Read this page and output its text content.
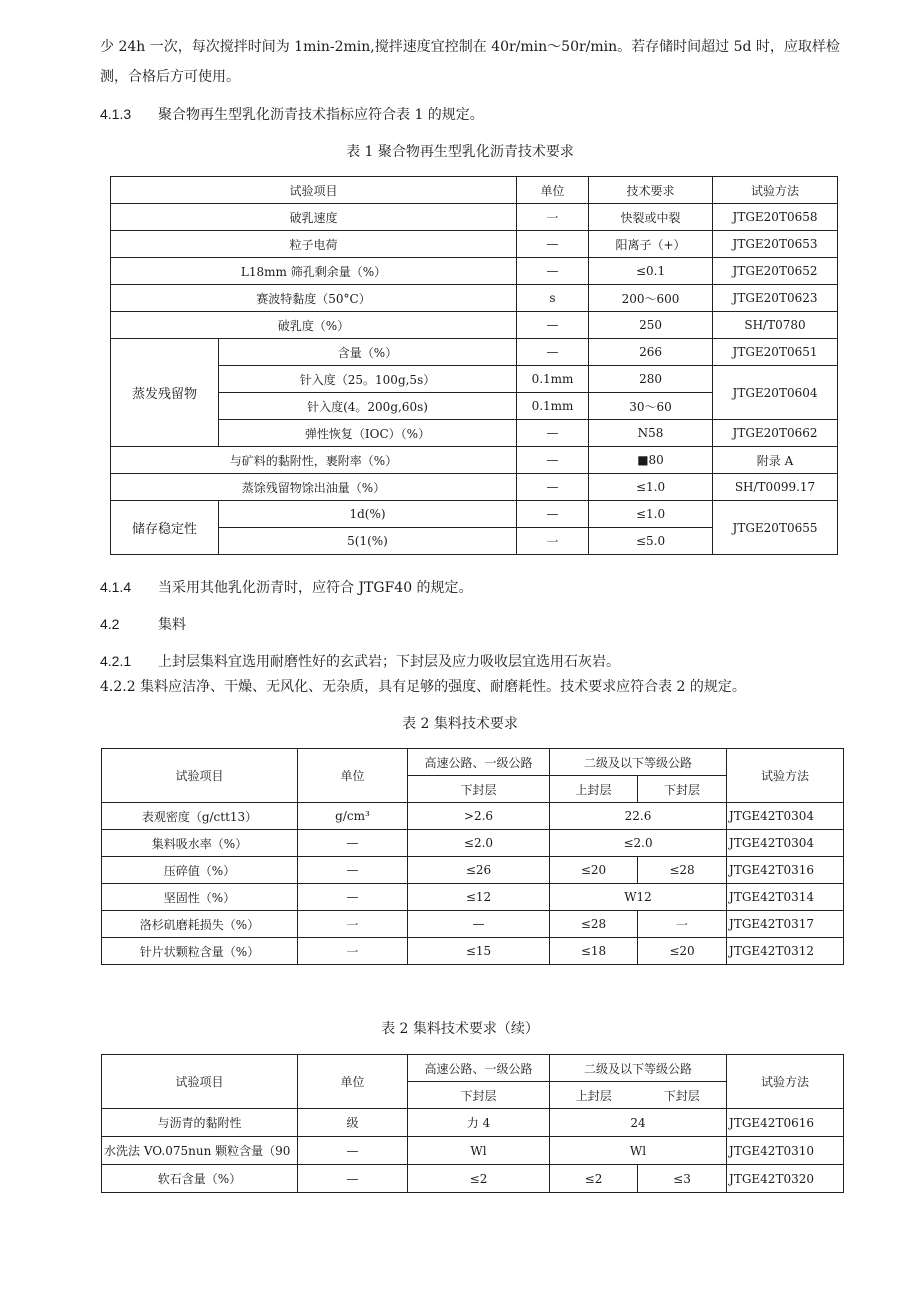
少 24h 一次，每次搅拌时间为 1min-2min,搅拌速度宜控制在 40r/min～50r/min。若存储时间超过 5d 时，应取样检
测，合格后方可使用。
4.1.3 聚合物再生型乳化沥青技术指标应符合表 1 的规定。
表 1 聚合物再生型乳化沥青技术要求
试验项目		单位	技术要求	试验方法
破乳速度		一	快裂或中裂	JTGE20T0658
粒子电荷		—	阳离子（+）	JTGE20T0653
L18mm 筛孔剩余量（%）		—	≤0.1	JTGE20T0652
赛波特黏度（50°C）		s	200～600	JTGE20T0623
破乳度（%）		—	250	SH/T0780
蒸发残留物	含量（%）	—	266	JTGE20T0651
	针入度（25。100g,5s）	0.1mm	280	JTGE20T0604
	针入度(4。200g,60s)	0.1mm	30～60	
	弹性恢复（IOC）（%）	—	N58	JTGE20T0662
与矿料的黏附性，裹附率（%）		—	■80	附录 A
蒸馀残留物馀出油量（%）		—	≤1.0	SH/T0099.17
储存稳定性	1d(%)	—	≤1.0	JTGE20T0655
	5(1(%)	一	≤5.0	
4.1.4 当采用其他乳化沥青时，应符合 JTGF40 的规定。
4.2	集料
4.2.1 上封层集料宜选用耐磨性好的玄武岩；下封层及应力吸收层宜选用石灰岩。
4.2.2 集料应洁净、干燥、无风化、无杂质，具有足够的强度、耐磨耗性。技术要求应符合表 2 的规定。
表 2 集料技术要求
试验项目	单位	高速公路、一级公路	二级及以下等级公路		试验方法
		下封层	上封层	下封层	
表观密度（g/ctt13）	g/cm³	>2.6	22.6		JTGE42T0304
集料吸水率（%）	—	≤2.0	≤2.0		JTGE42T0304
压碎值（%）	—	≤26	≤20	≤28	JTGE42T0316
坚固性（%）	—	≤12	W12		JTGE42T0314
洛杉矶磨耗损失（%）	一	—	≤28	一	JTGE42T0317
针片状颗粒含量（%）	一	≤15	≤18	≤20	JTGE42T0312
表 2 集料技术要求（续）
试验项目	单位	高速公路、一级公路	二级及以下等级公路		试验方法
		下封层	上封层	下封层	
与沥青的黏附性	级	力 4	24		JTGE42T0616
水洗法 VO.075nun 颗粒含量（90	—	Wl	Wl		JTGE42T0310
软石含量（%）	—	≤2	≤2	≤3	JTGE42T0320
